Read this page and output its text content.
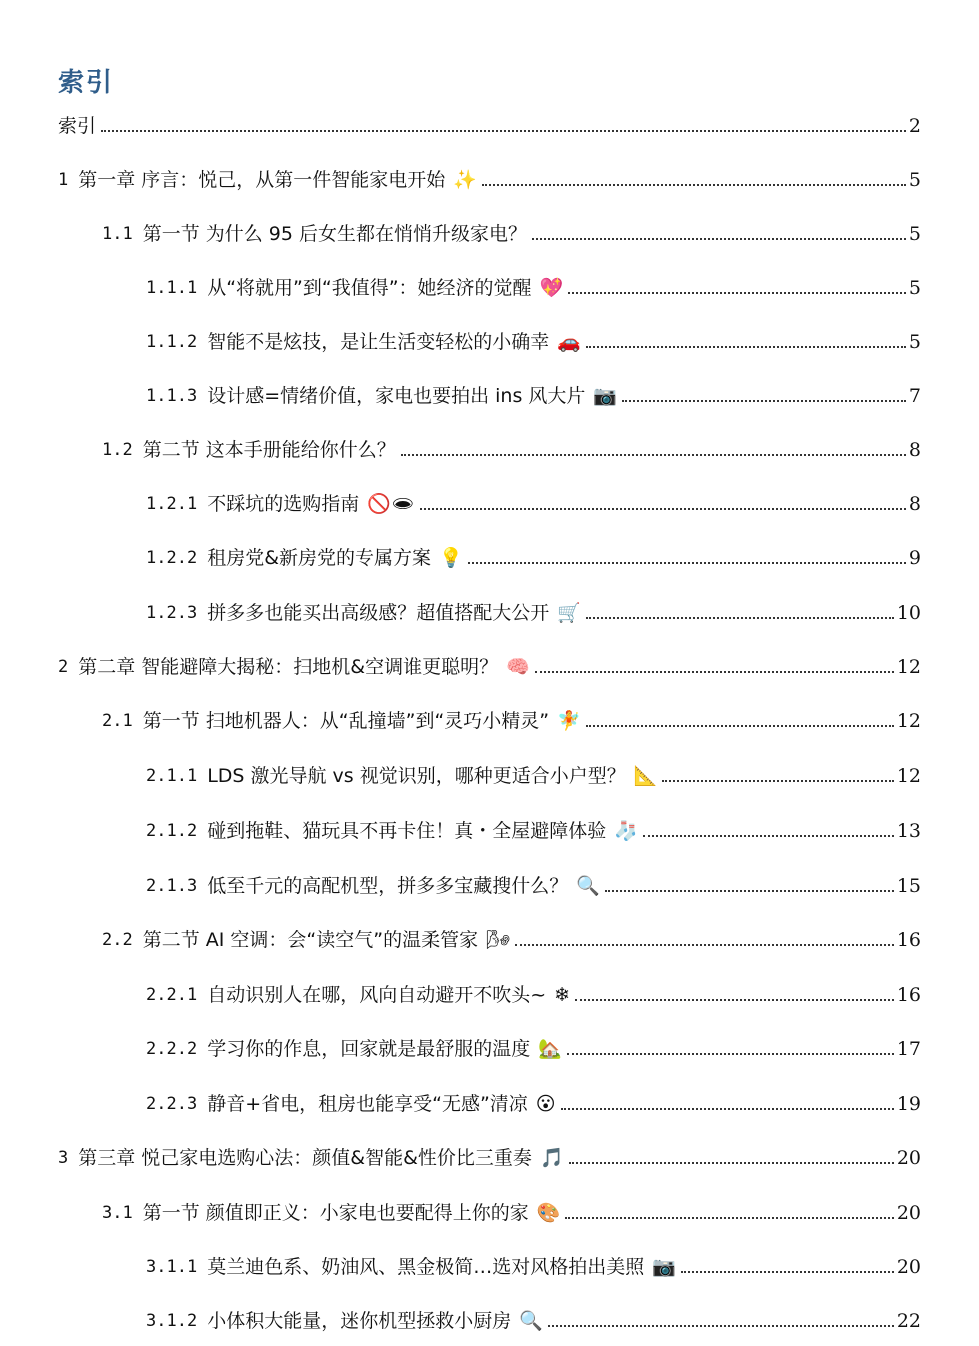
索引
索引	2
1 第一章 序言：悦己，从第一件智能家电开始 ✨	5
1.1 第一节 为什么 95 后女生都在悄悄升级家电？	5
1.1.1 从“将就用”到“我值得”：她经济的觉醒 💖	5
1.1.2 智能不是炫技，是让生活变轻松的小确幸 🚗	5
1.1.3 设计感=情绪价值，家电也要拍出 ins 风大片 📷	7
1.2 第二节 这本手册能给你什么？	8
1.2.1 不踩坑的选购指南 🚫🕳	8
1.2.2 租房党&新房党的专属方案 💡	9
1.2.3 拼多多也能买出高级感？超值搭配大公开 🛒	10
2 第二章 智能避障大揭秘：扫地机&空调谁更聪明？ 🧠	12
2.1 第一节 扫地机器人：从“乱撞墙”到“灵巧小精灵” 🧚	12
2.1.1 LDS 激光导航 vs 视觉识别，哪种更适合小户型？ 📐	12
2.1.2 碰到拖鞋、猫玩具不再卡住！真・全屋避障体验 🧦	13
2.1.3 低至千元的高配机型，拼多多宝藏搜什么？ 🔍	15
2.2 第二节 AI 空调：会“读空气”的温柔管家 🌬	16
2.2.1 自动识别人在哪，风向自动避开不吹头~ ❄	16
2.2.2 学习你的作息，回家就是最舒服的温度 🏡	17
2.2.3 静音+省电，租房也能享受“无感”清凉 😮	19
3 第三章 悦己家电选购心法：颜值&智能&性价比三重奏 🎵	20
3.1 第一节 颜值即正义：小家电也要配得上你的家 🎨	20
3.1.1 莫兰迪色系、奶油风、黑金极简…选对风格拍出美照 📷	20
3.1.2 小体积大能量，迷你机型拯救小厨房 🔍	22
